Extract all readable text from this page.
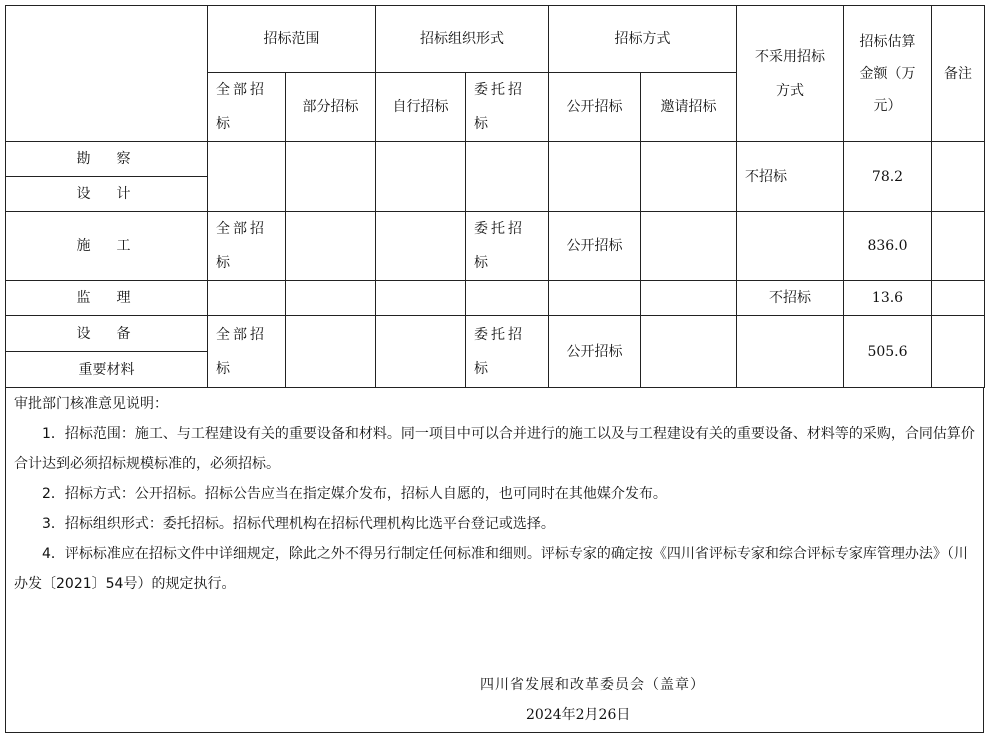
	招标范围		招标组织形式		招标方式		不采用招标方式	招标估算金额（万元）	备注
	全部招标	部分招标	自行招标	委托招标	公开招标	邀请招标			
勘　察							不招标	78.2	
设　计									
施　工	全部招标			委托招标	公开招标			836.0	
监　理							不招标	13.6	
设　备	全部招标			委托招标	公开招标			505.6	
重要材料									

审批部门核准意见说明：

1．招标范围：施工、与工程建设有关的重要设备和材料。同一项目中可以合并进行的施工以及与工程建设有关的重要设备、材料等的采购，合同估算价合计达到必须招标规模标准的，必须招标。

2．招标方式：公开招标。招标公告应当在指定媒介发布，招标人自愿的，也可同时在其他媒介发布。

3．招标组织形式：委托招标。招标代理机构在招标代理机构比选平台登记或选择。

4．评标标准应在招标文件中详细规定，除此之外不得另行制定任何标准和细则。评标专家的确定按《四川省评标专家和综合评标专家库管理办法》（川办发〔2021〕54号）的规定执行。

四川省发展和改革委员会（盖章）
2024年2月26日
